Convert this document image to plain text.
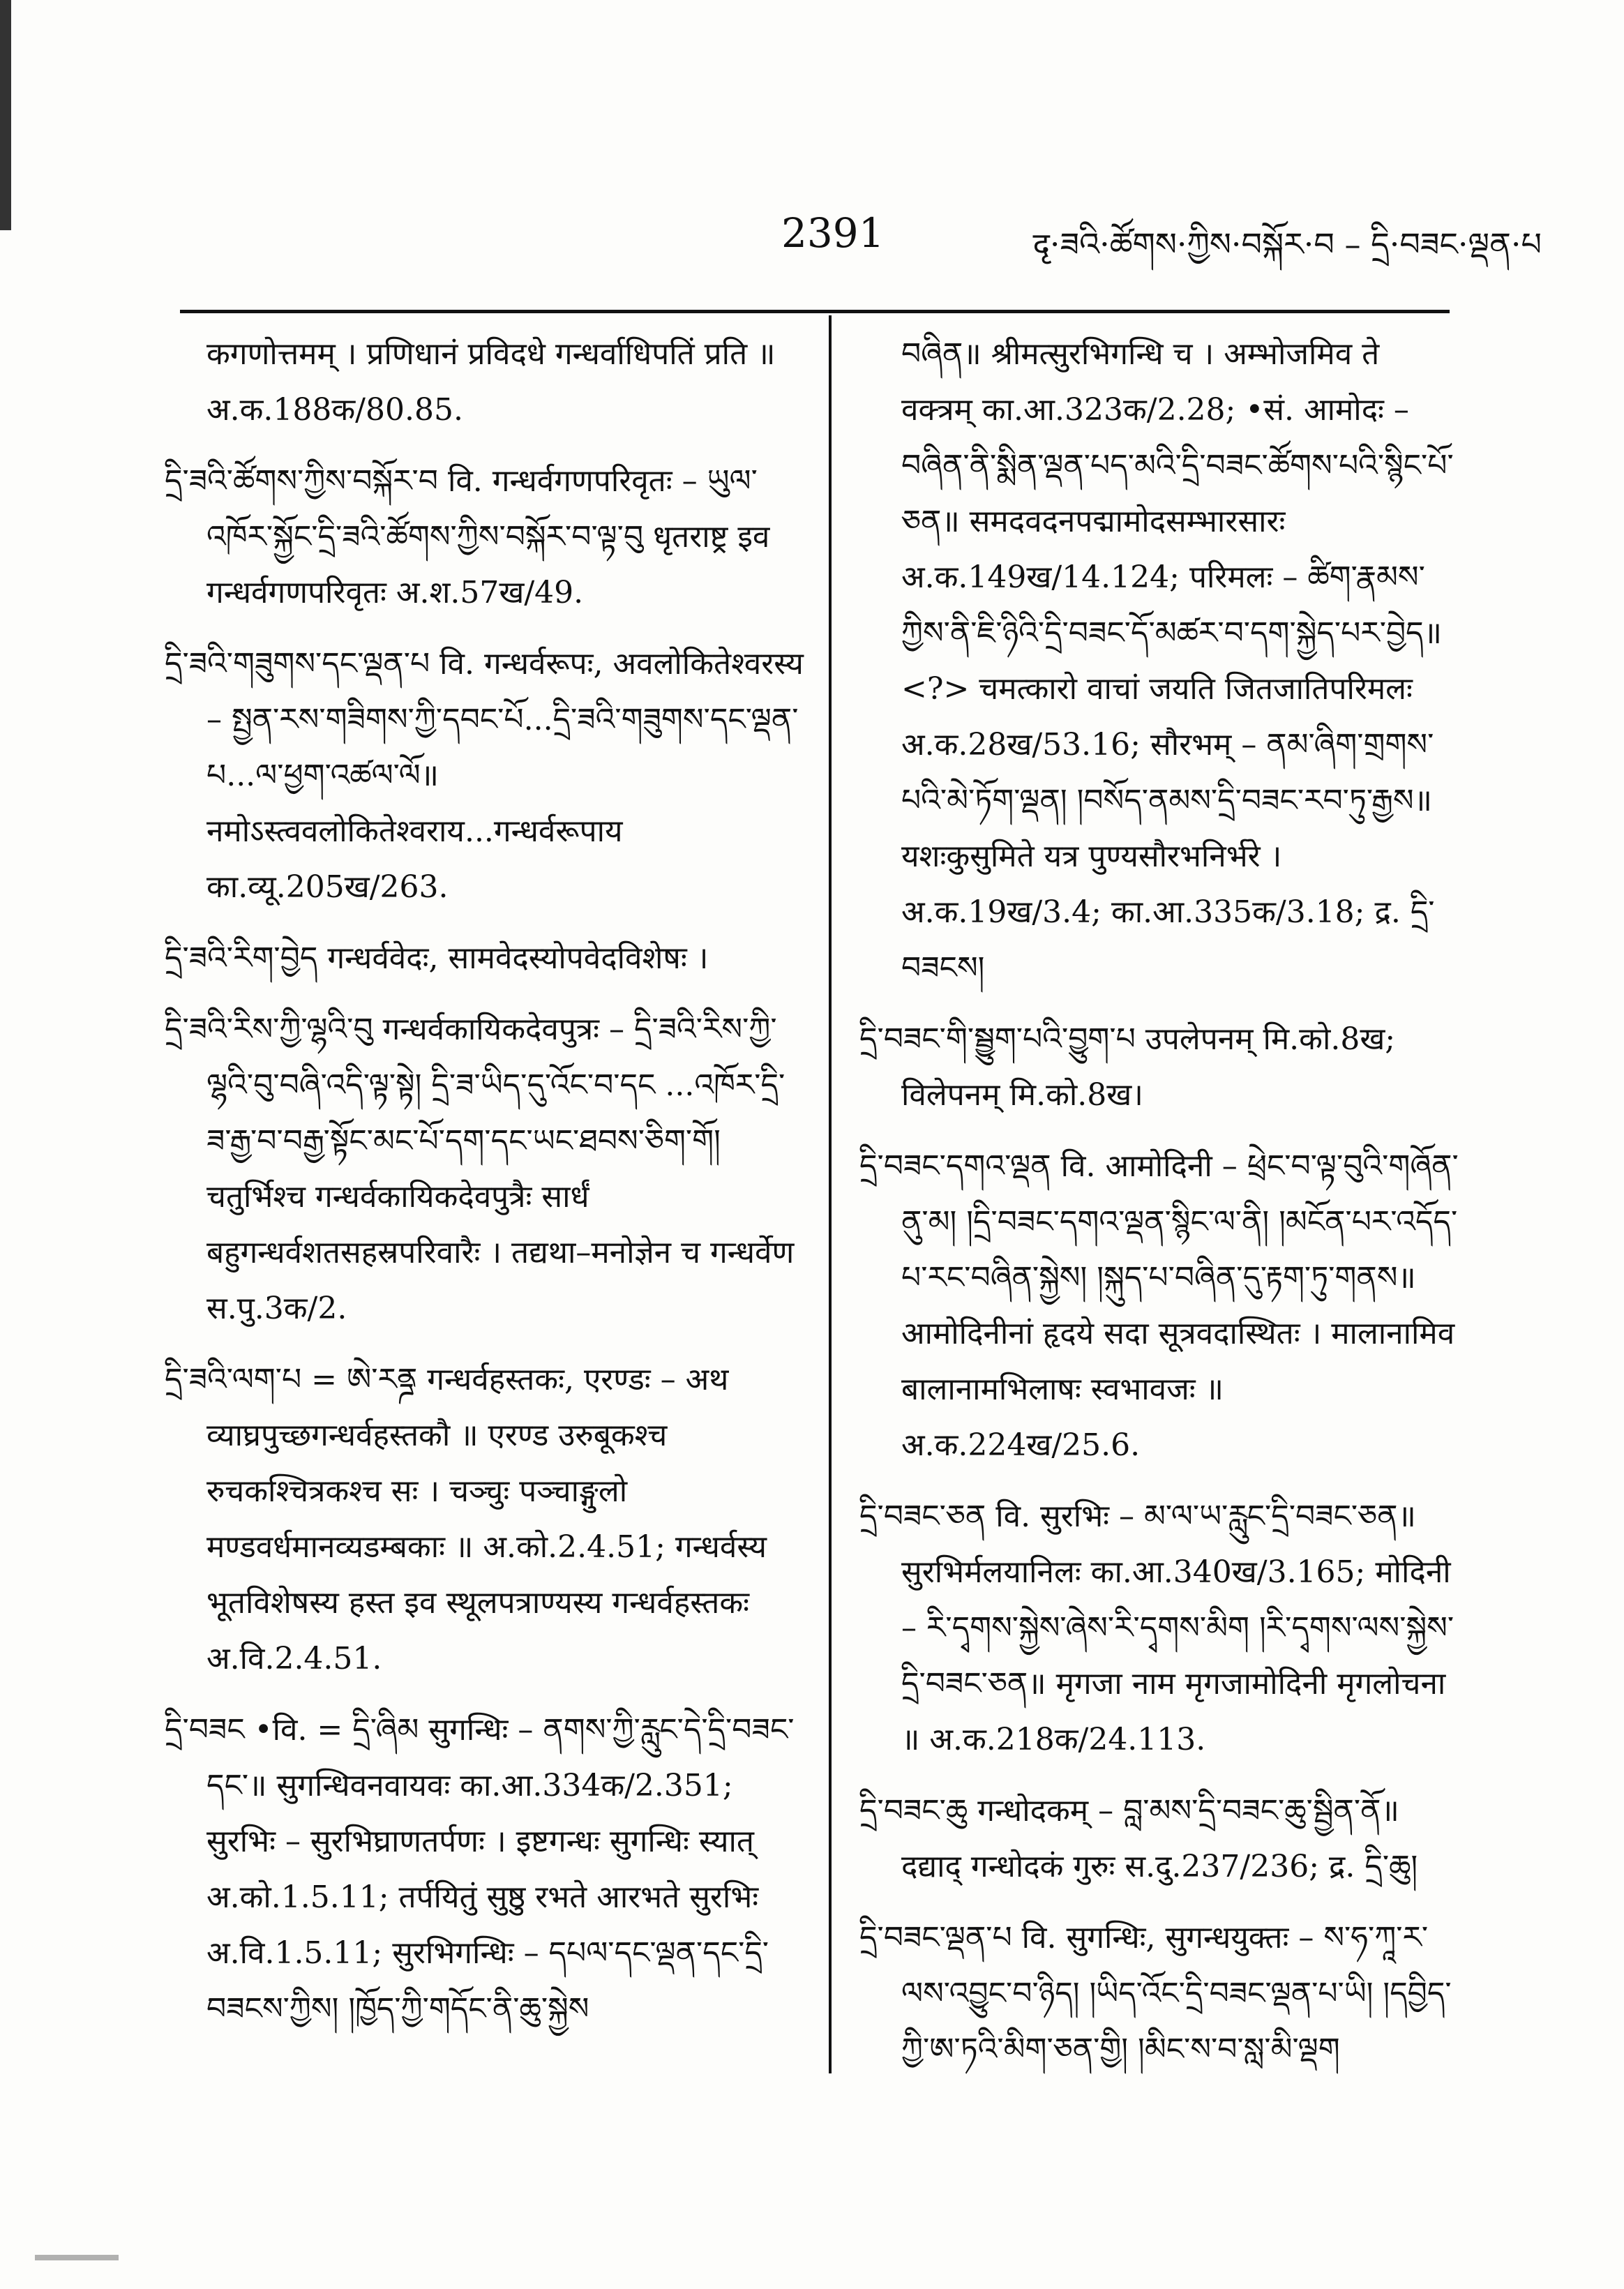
2391	दृ·ཟའི·ཚོགས·ཀྱིས·བསྐོར·བ – དྲི·བཟང·ལྡན·པ

कगणोत्तमम् । प्रणिधानं प्रविदधे गन्धर्वाधिपतिं प्रति ॥ अ.क.188क/80.85.

དྲི་ཟའི་ཚོགས་ཀྱིས་བསྐོར་བ वि. गन्धर्वगणपरिवृतः – ཡུལ་འཁོར་སྐྱོང་དྲི་ཟའི་ཚོགས་ཀྱིས་བསྐོར་བ་ལྟ་བུ धृतराष्ट्र इव गन्धर्वगणपरिवृतः अ.श.57ख/49.

དྲི་ཟའི་གཟུགས་དང་ལྡན་པ वि. गन्धर्वरूपः, अवलोकितेश्वरस्य – སྤྱན་རས་གཟིགས་ཀྱི་དབང་པོ...དྲི་ཟའི་གཟུགས་དང་ལྡན་པ...ལ་ཕྱག་འཚལ་ལོ॥ नमोऽस्त्ववलोकितेश्वराय...गन्धर्वरूपाय का.व्यू.205ख/263.

དྲི་ཟའི་རིག་བྱེད गन्धर्ववेदः, सामवेदस्योपवेदविशेषः ।

དྲི་ཟའི་རིས་ཀྱི་ལྷའི་བུ गन्धर्वकायिकदेवपुत्रः – དྲི་ཟའི་རིས་ཀྱི་ལྷའི་བུ་བཞི་འདི་ལྟ་སྟེ། དྲི་ཟ་ཡིད་དུ་འོང་བ་དང ...འཁོར་དྲི་ཟ་རྒྱ་བ་བརྒྱ་སྟོང་མང་པོ་དག་དང་ཡང་ཐབས་ཅིག་གོ། चतुर्भिश्च गन्धर्वकायिकदेवपुत्रैः सार्धं बहुगन्धर्वशतसहस्रपरिवारैः । तद्यथा–मनोज्ञेन च गन्धर्वेण स.पु.3क/2.

དྲི་ཟའི་ལག་པ = ཨེ་རནྜ गन्धर्वहस्तकः, एरण्डः – अथ व्याघ्रपुच्छगन्धर्वहस्तकौ ॥ एरण्ड उरुबूकश्च रुचकश्चित्रकश्च सः । चञ्चुः पञ्चाङ्गुलो मण्डवर्धमानव्यडम्बकाः ॥ अ.को.2.4.51; गन्धर्वस्य भूतविशेषस्य हस्त इव स्थूलपत्राण्यस्य गन्धर्वहस्तकः अ.वि.2.4.51.

དྲི་བཟང •वि. = དྲི་ཞིམ सुगन्धिः – ནགས་ཀྱི་རླུང་དེ་དྲི་བཟང་དང་॥ सुगन्धिवनवायवः का.आ.334क/2.351; सुरभिः – सुरभिघ्राणतर्पणः । इष्टगन्धः सुगन्धिः स्यात् अ.को.1.5.11; तर्पयितुं सुष्ठु रभते आरभते सुरभिः अ.वि.1.5.11; सुरभिगन्धिः – དཔལ་དང་ལྡན་དང་དྲི་བཟངས་ཀྱིས། །ཁྱོད་ཀྱི་གདོང་ནི་ཆུ་སྐྱེས

བཞིན॥ श्रीमत्सुरभिगन्धि च । अम्भोजमिव ते वक्त्रम् का.आ.323क/2.28; •सं. आमोदः – བཞིན་ནི་སྨིན་ལྡན་པད་མའི་དྲི་བཟང་ཚོགས་པའི་སྙིང་པོ་ཅན॥ समदवदनपद्मामोदसम्भारसारः अ.क.149ख/14.124; परिमलः – ཚིག་རྣམས་ཀྱིས་ནི་ཇི་ཉིའི་དྲི་བཟང་དོ་མཚར་བ་དག་སྐྱེད་པར་བྱེད॥ <?> चमत्कारो वाचां जयति जितजातिपरिमलः अ.क.28ख/53.16; सौरभम् – ནམ་ཞིག་གྲགས་པའི་མེ་ཏོག་ལྡན། །བསོད་ནམས་དྲི་བཟང་རབ་ཏུ་རྒྱས॥ यशःकुसुमिते यत्र पुण्यसौरभनिर्भरे । अ.क.19ख/3.4; का.आ.335क/3.18; द्र. དྲི་བཟངས།

དྲི་བཟང་གི་སྦྱུག་པའི་བྱུག་པ उपलेपनम् मि.को.8ख; विलेपनम् मि.को.8ख।

དྲི་བཟང་དགའ་ལྡན वि. आमोदिनी – ཕྲེང་བ་ལྟ་བུའི་གཞོན་ནུ་མ། །དྲི་བཟང་དགའ་ལྡན་སྙིང་ལ་ནི། །མངོན་པར་འདོད་པ་རང་བཞིན་སྐྱེས། །སྐུད་པ་བཞིན་དུ་རྟག་ཏུ་གནས॥ आमोदिनीनां हृदये सदा सूत्रवदास्थितः । मालानामिव बालानामभिलाषः स्वभावजः ॥ अ.क.224ख/25.6.

དྲི་བཟང་ཅན वि. सुरभिः – མ་ལ་ཡ་རླུང་དྲི་བཟང་ཅན॥ सुरभिर्मलयानिलः का.आ.340ख/3.165; मोदिनी – རི་དྭགས་སྐྱེས་ཞེས་རི་དྭགས་མིག །རི་དྭགས་ལས་སྐྱེས་དྲི་བཟང་ཅན॥ मृगजा नाम मृगजामोदिनी मृगलोचना ॥ अ.क.218क/24.113.

དྲི་བཟང་ཆུ गन्धोदकम् – བླ་མས་དྲི་བཟང་ཆུ་སྦྱིན་ནོ॥ दद्याद् गन्धोदकं गुरुः स.दु.237/236; द्र. དྲི་ཆུ།

དྲི་བཟང་ལྡན་པ वि. सुगन्धिः, सुगन्धयुक्तः – ས་ཧ་ཀཱ་ར་ལས་འབྱུང་བ་ཉིད། །ཡིད་འོང་དྲི་བཟང་ལྡན་པ་ཡི། །དབྱིད་ཀྱི་ཨ་ཏའི་མིག་ཅན་གྱི། །མིང་ས་བ་སླ་མི་ལྡག
